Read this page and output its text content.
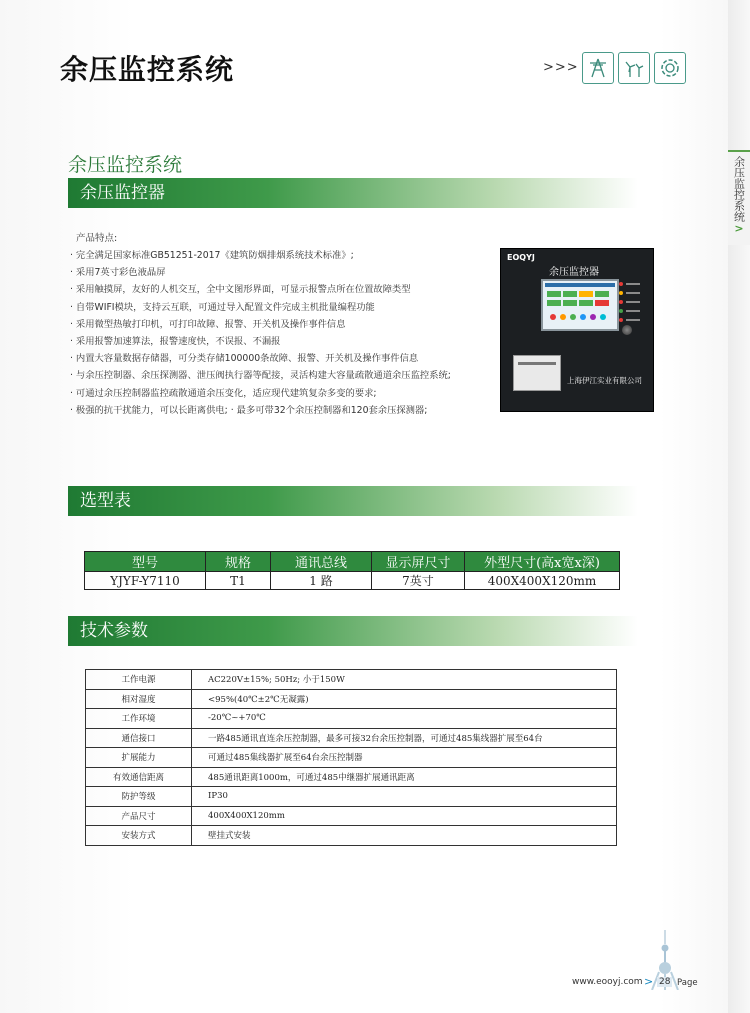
余压监控系统
>
余压监控系统	>>>
余压监控系统
余压监控器
产品特点:
· 完全满足国家标准GB51251-2017《建筑防烟排烟系统技术标准》;
· 采用7英寸彩色液晶屏
· 采用触摸屏，友好的人机交互，全中文图形界面，可显示报警点所在位置故障类型
· 自带WIFI模块，支持云互联，可通过导入配置文件完成主机批量编程功能
· 采用微型热敏打印机，可打印故障、报警、开关机及操作事件信息
· 采用报警加速算法，报警速度快，不误报、不漏报
· 内置大容量数据存储器，可分类存储100000条故障、报警、开关机及操作事件信息
· 与余压控制器、余压探测器、泄压阀执行器等配接，灵活构建大容量疏散通道余压监控系统;
· 可通过余压控制器监控疏散通道余压变化，适应现代建筑复杂多变的要求;
· 极强的抗干扰能力，可以长距离供电; · 最多可带32个余压控制器和120套余压探测器;
EOQYJ
余压监控器
上海伊江实业有限公司
选型表
型号	规格	通讯总线	显示屏尺寸	外型尺寸(高x宽x深)
YJYF-Y7110	T1	1 路	7英寸	400X400X120mm
技术参数
工作电源	AC220V±15%; 50Hz; 小于150W
相对湿度	<95%(40℃±2℃无凝露)
工作环境	-20℃~+70℃
通信接口	一路485通讯直连余压控制器，最多可接32台余压控制器，可通过485集线器扩展至64台
扩展能力	可通过485集线器扩展至64台余压控制器
有效通信距离	485通讯距离1000m，可通过485中继器扩展通讯距离
防护等级	IP30
产品尺寸	400X400X120mm
安装方式	壁挂式安装
www.eooyj.com > 28 Page
